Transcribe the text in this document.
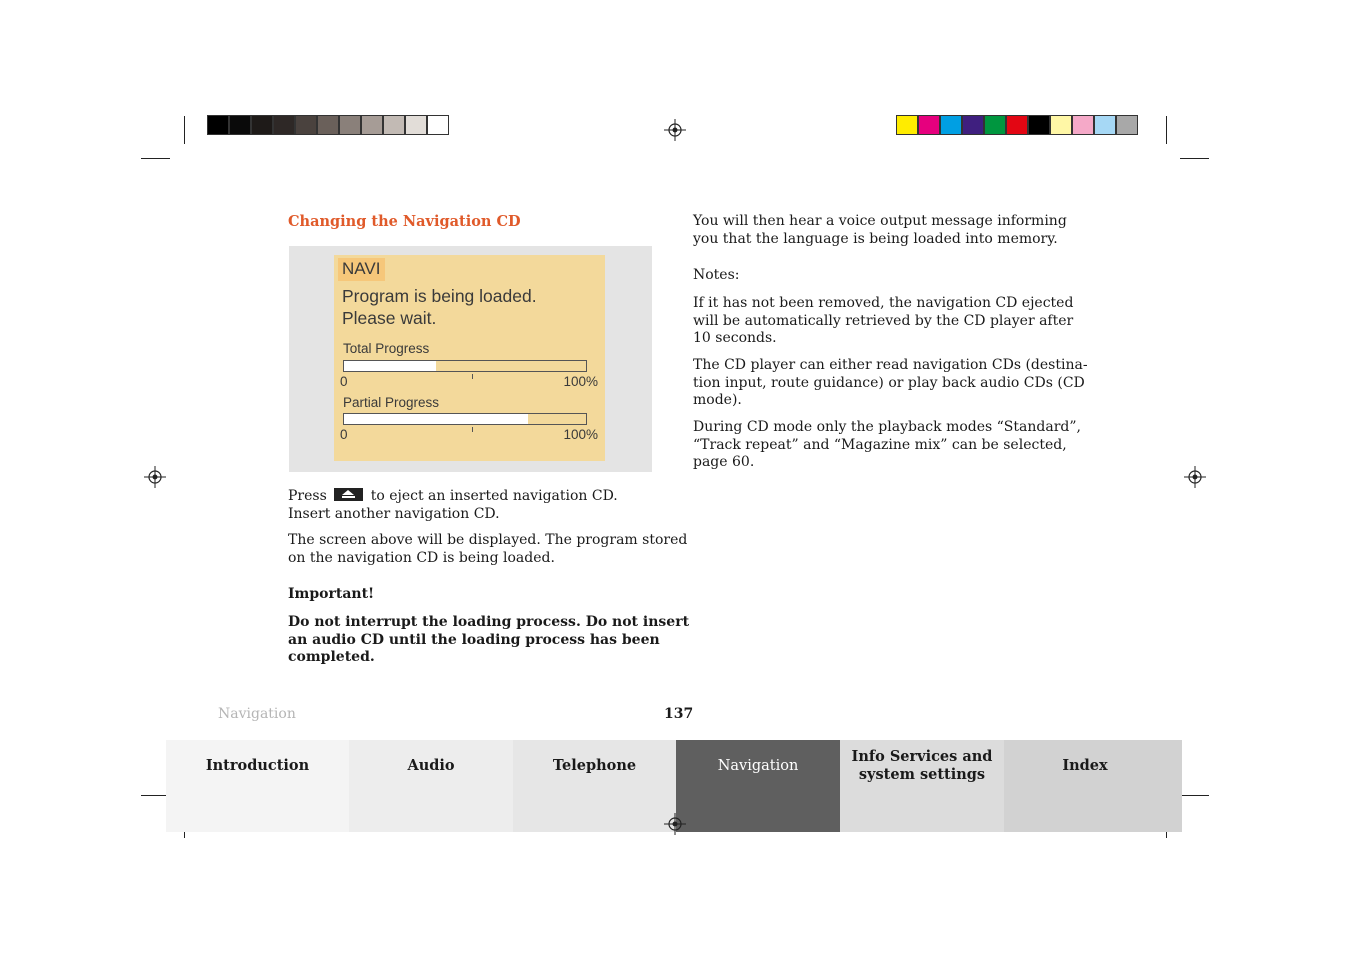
Changing the Navigation CD
NAVI
Program is being loaded.
Please wait.
Total Progress
0	100%
Partial Progress
0	100%
Press	to eject an inserted navigation CD.
Insert another navigation CD.
The screen above will be displayed. The program stored
on the navigation CD is being loaded.
Important!
Do not interrupt the loading process. Do not insert
an audio CD until the loading process has been
completed.
You will then hear a voice output message informing
you that the language is being loaded into memory.
Notes:
If it has not been removed, the navigation CD ejected
will be automatically retrieved by the CD player after
10 seconds.
The CD player can either read navigation CDs (destina-
tion input, route guidance) or play back audio CDs (CD
mode).
During CD mode only the playback modes “Standard”,
“Track repeat” and “Magazine mix” can be selected,
page 60.
Navigation	137
Introduction	Audio	Telephone	Navigation
Info Services and
system settings
Index
